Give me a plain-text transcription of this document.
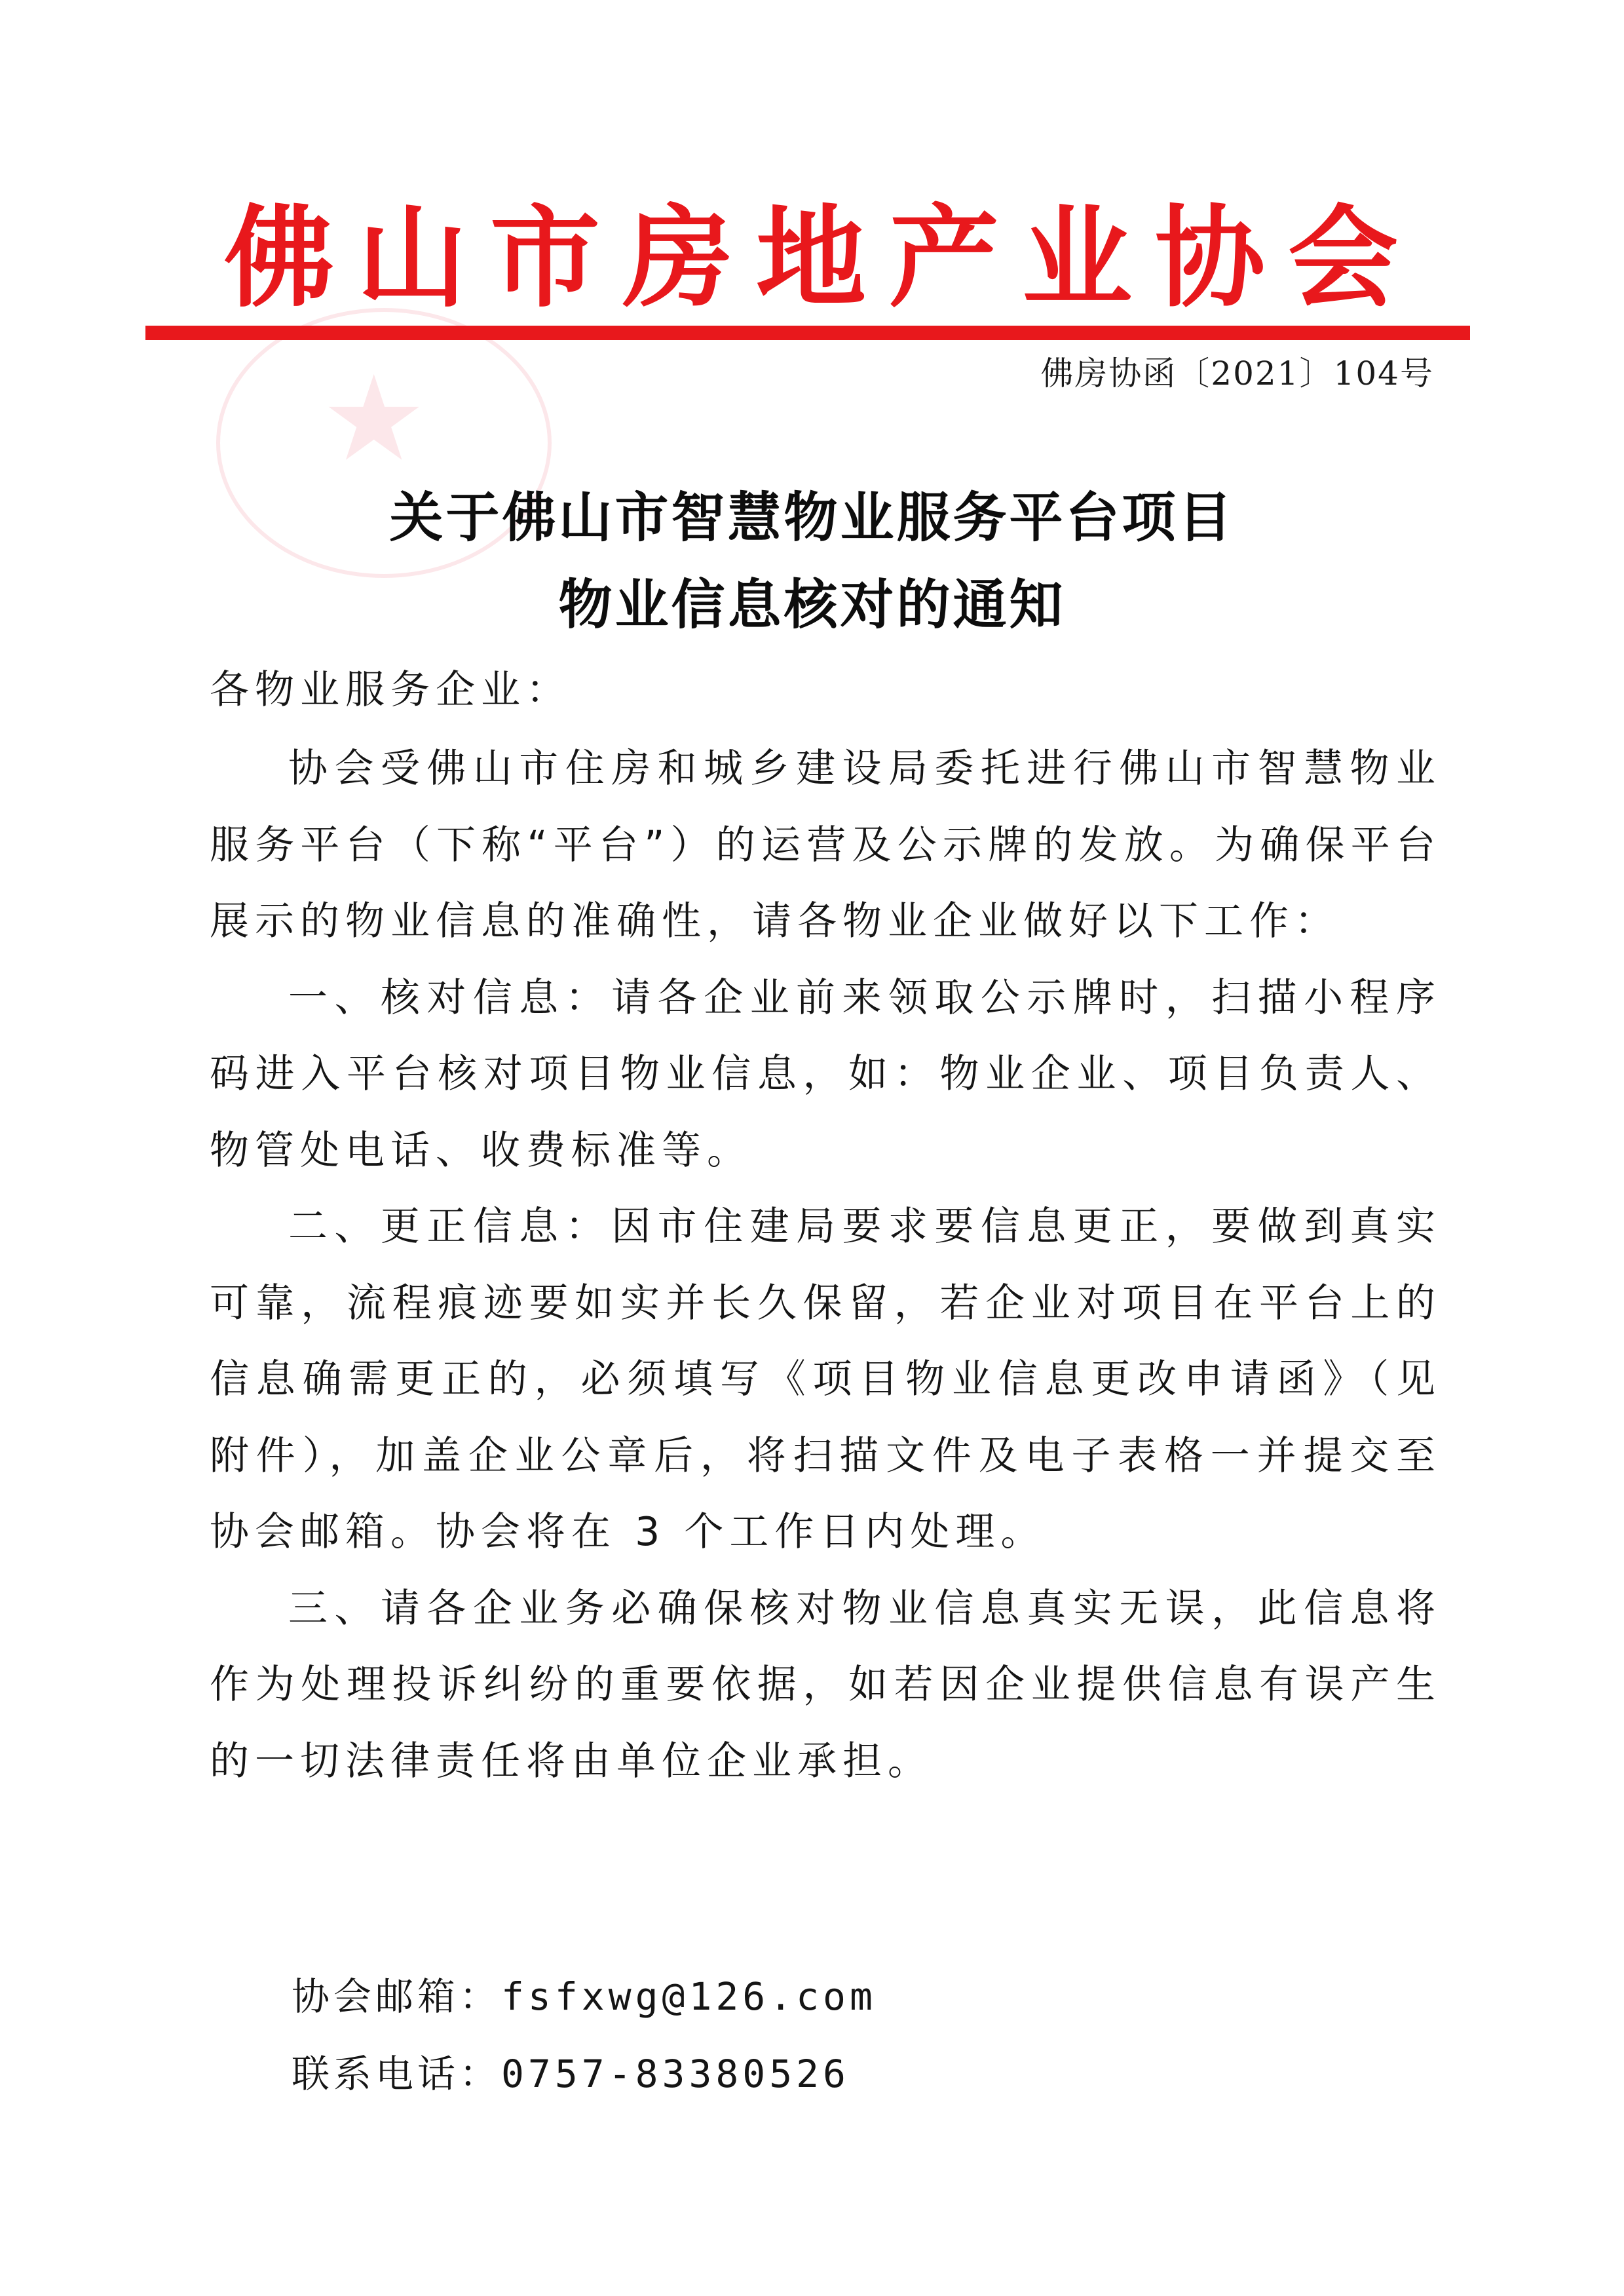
★
佛 山 市 房 地 产 业 协 会
佛房协函〔2021〕104号
关于佛山市智慧物业服务平台项目
物业信息核对的通知
各物业服务企业：

协会受佛山市住房和城乡建设局委托进行佛山市智慧物业服务平台（下称“平台”）的运营及公示牌的发放。为确保平台展示的物业信息的准确性，请各物业企业做好以下工作：

一、核对信息：请各企业前来领取公示牌时，扫描小程序码进入平台核对项目物业信息，如：物业企业、项目负责人、物管处电话、收费标准等。

二、更正信息：因市住建局要求要信息更正，要做到真实可靠，流程痕迹要如实并长久保留，若企业对项目在平台上的信息确需更正的，必须填写《项目物业信息更改申请函》（见附件），加盖企业公章后，将扫描文件及电子表格一并提交至协会邮箱。协会将在 3 个工作日内处理。

三、请各企业务必确保核对物业信息真实无误，此信息将作为处理投诉纠纷的重要依据，如若因企业提供信息有误产生的一切法律责任将由单位企业承担。

协会邮箱：fsfxwg@126.com
联系电话：0757-83380526
